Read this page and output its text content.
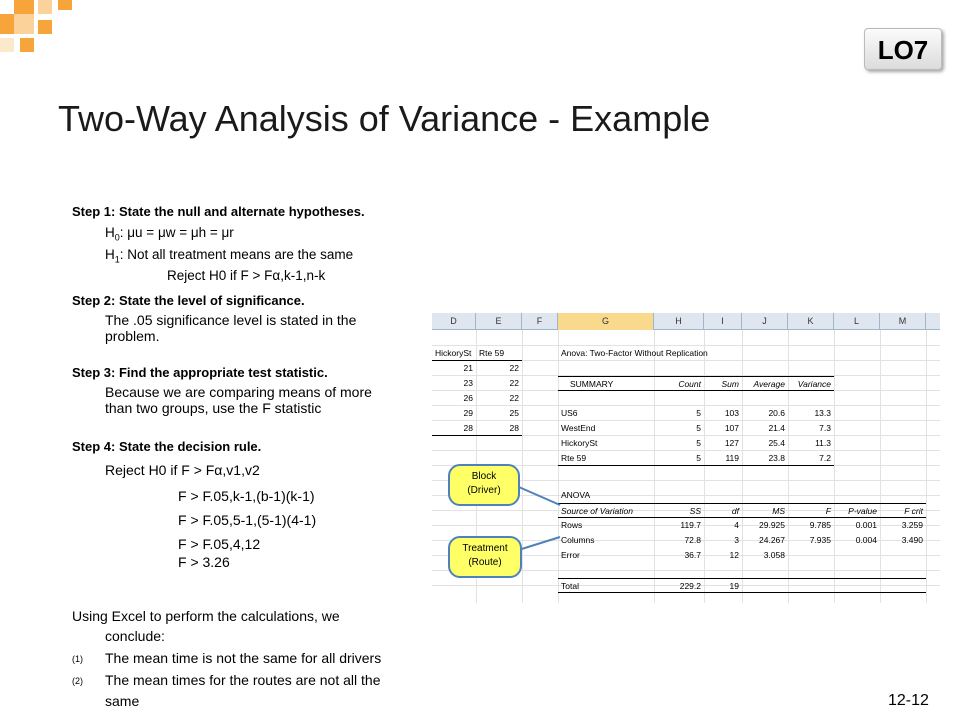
LO7
Two-Way Analysis of Variance - Example
Step 1: State the null and alternate hypotheses.
$H_0$: μu = μw = μh = μr
$H_1$: Not all treatment means are the same
Reject H0 if F > Fα,k-1,n-k
Step 2: State the level of significance.
The .05 significance level is stated in the problem.
Step 3: Find the appropriate test statistic.
Because we are comparing means of more
than two groups, use the F statistic
Step 4: State the decision rule.
Reject H0 if F > Fα,v1,v2
F > F.05,k-1,(b-1)(k-1)
F > F.05,5-1,(5-1)(4-1)
F > F.05,4,12
F > 3.26
Using Excel to perform the calculations, we
conclude:
(1) The mean time is not the same for all drivers
(2) The mean times for the routes are not all the
same
D	E	F	G	H	I	J	K	L	M
HickorySt Rte 59
21	22
23	22
26	22
29	25
28	28
Anova: Two-Factor Without Replication
SUMMARY	Count	Sum	Average	Variance
US6	5	103	20.6	13.3
WestEnd	5	107	21.4	7.3
HickorySt	5	127	25.4	11.3
Rte 59	5	119	23.8	7.2
ANOVA
Source of Variation	SS	df	MS	F	P-value	F crit
Rows	119.7	4	29.925	9.785	0.001	3.259
Columns	72.8	3	24.267	7.935	0.004	3.490
Error	36.7	12	3.058
Total	229.2	19
Block
(Driver)
Treatment
(Route)
12-12
